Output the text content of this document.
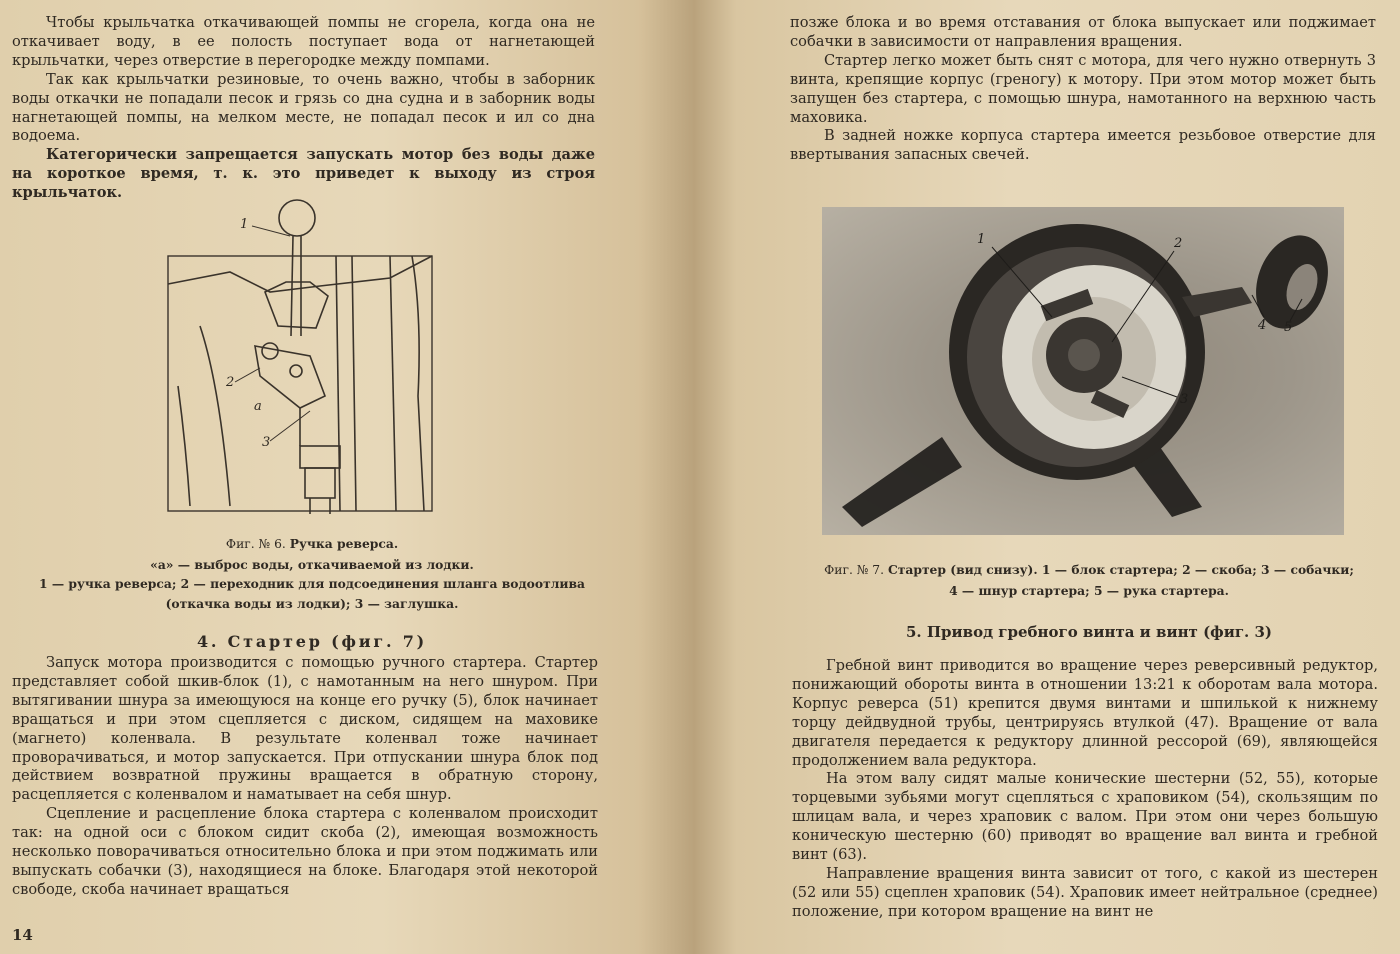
Чтобы крыльчатка откачивающей помпы не сгорела, когда она не откачивает воду, в ее полость поступает вода от нагнетающей крыльчатки, через отверстие в перегородке между помпами.

Так как крыльчатки резиновые, то очень важно, чтобы в заборник воды откачки не попадали песок и грязь со дна судна и в заборник воды нагнетающей помпы, на мелком месте, не попадал песок и ил со дна водоема.

Категорически запрещается запускать мотор без воды даже на короткое время, т. к. это приведет к выходу из строя крыльчаток.

1
2
а
3
Фиг. № 6. Ручка реверса.
«а» — выброс воды, откачиваемой из лодки.
1 — ручка реверса; 2 — переходник для подсоединения шланга водоотлива
(откачка воды из лодки); 3 — заглушка.
4. Стартер (фиг. 7)

Запуск мотора производится с помощью ручного стартера. Стартер представляет собой шкив-блок (1), с намотанным на него шнуром. При вытягивании шнура за имеющуюся на конце его ручку (5), блок начинает вращаться и при этом сцепляется с диском, сидящем на маховике (магнето) коленвала. В результате коленвал тоже начинает проворачиваться, и мотор запускается. При отпускании шнура блок под действием возвратной пружины вращается в обратную сторону, расцепляется с коленвалом и наматывает на себя шнур.

Сцепление и расцепление блока стартера с коленвалом происходит так: на одной оси с блоком сидит скоба (2), имеющая возможность несколько поворачиваться относительно блока и при этом поджимать или выпускать собачки (3), находящиеся на блоке. Благодаря этой некоторой свободе, скоба начинает вращаться

14

позже блока и во время отставания от блока выпускает или поджимает собачки в зависимости от направления вращения.

Стартер легко может быть снят с мотора, для чего нужно отвернуть 3 винта, крепящие корпус (греногу) к мотору. При этом мотор может быть запущен без стартера, с помощью шнура, намотанного на верхнюю часть маховика.

В задней ножке корпуса стартера имеется резьбовое отверстие для ввертывания запасных свечей.

1	2
3
4 5
Фиг. № 7. Стартер (вид снизу). 1 — блок стартера; 2 — скоба; 3 — собачки;
4 — шнур стартера; 5 — рука стартера.
5. Привод гребного винта и винт (фиг. 3)

Гребной винт приводится во вращение через реверсивный редуктор, понижающий обороты винта в отношении 13:21 к оборотам вала мотора. Корпус реверса (51) крепится двумя винтами и шпилькой к нижнему торцу дейдвудной трубы, центрируясь втулкой (47). Вращение от вала двигателя передается к редуктору длинной рессорой (69), являющейся продолжением вала редуктора.

На этом валу сидят малые конические шестерни (52, 55), которые торцевыми зубьями могут сцепляться с храповиком (54), скользящим по шлицам вала, и через храповик с валом. При этом они через большую коническую шестерню (60) приводят во вращение вал винта и гребной винт (63).

Направление вращения винта зависит от того, с какой из шестерен (52 или 55) сцеплен храповик (54). Храповик имеет нейтральное (среднее) положение, при котором вращение на винт не
